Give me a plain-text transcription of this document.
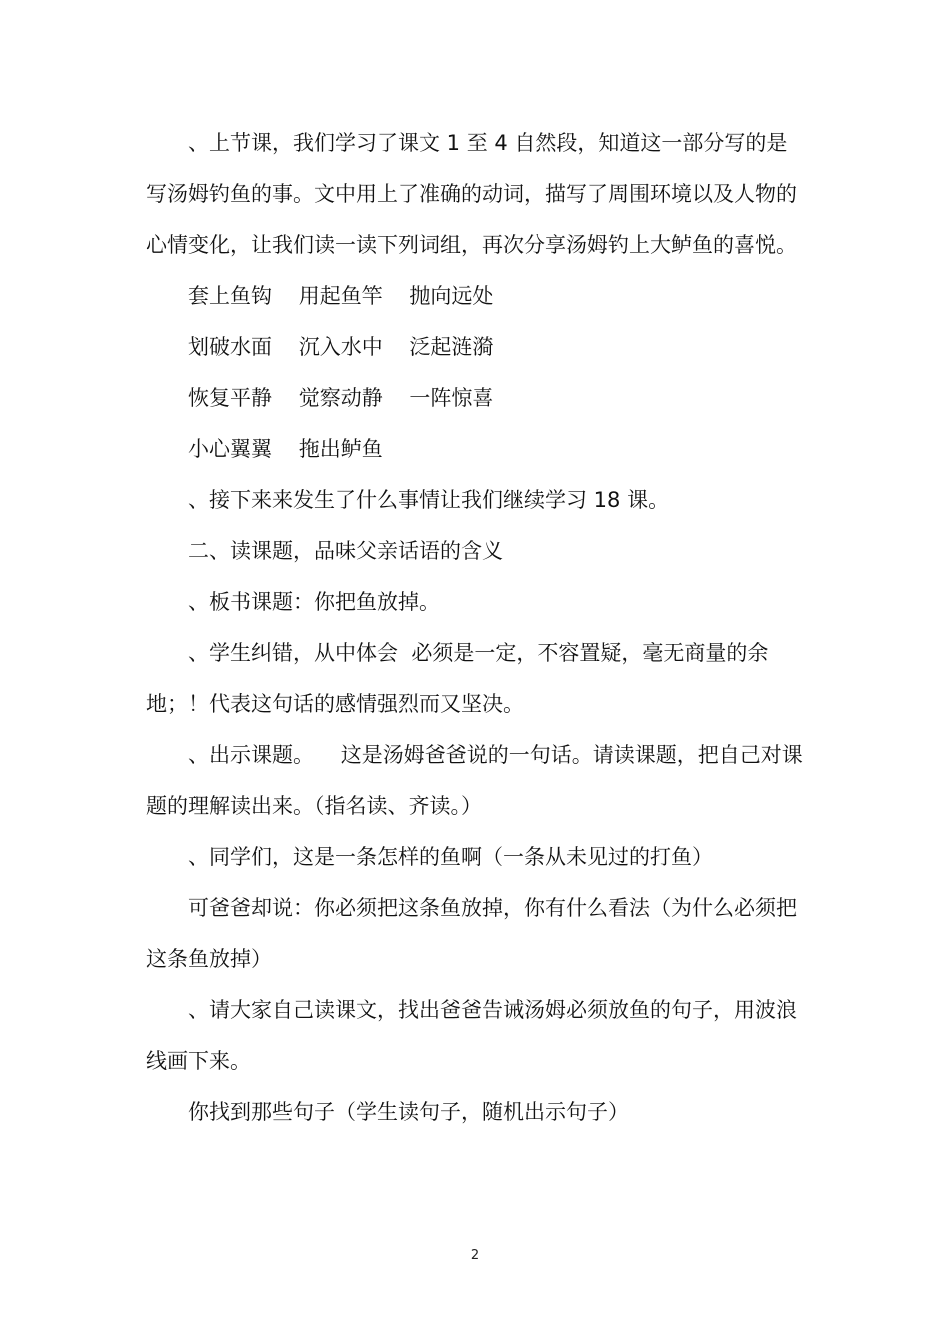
、上节课，我们学习了课文 1 至 4 自然段，知道这一部分写的是写汤姆钓鱼的事。文中用上了准确的动词，描写了周围环境以及人物的心情变化，让我们读一读下列词组，再次分享汤姆钓上大鲈鱼的喜悦。

套上鱼钩    用起鱼竿    抛向远处

划破水面    沉入水中    泛起涟漪

恢复平静    觉察动静    一阵惊喜

小心翼翼    拖出鲈鱼

、接下来来发生了什么事情让我们继续学习 18 课。

二、读课题，品味父亲话语的含义

、板书课题：你把鱼放掉。

、学生纠错，从中体会  必须是一定，不容置疑，毫无商量的余地；！代表这句话的感情强烈而又坚决。

、出示课题。    这是汤姆爸爸说的一句话。请读课题，把自己对课题的理解读出来。（指名读、齐读。）

、同学们，这是一条怎样的鱼啊（一条从未见过的打鱼）

可爸爸却说：你必须把这条鱼放掉，你有什么看法（为什么必须把这条鱼放掉）

、请大家自己读课文，找出爸爸告诫汤姆必须放鱼的句子，用波浪线画下来。

你找到那些句子（学生读句子，随机出示句子）

2
